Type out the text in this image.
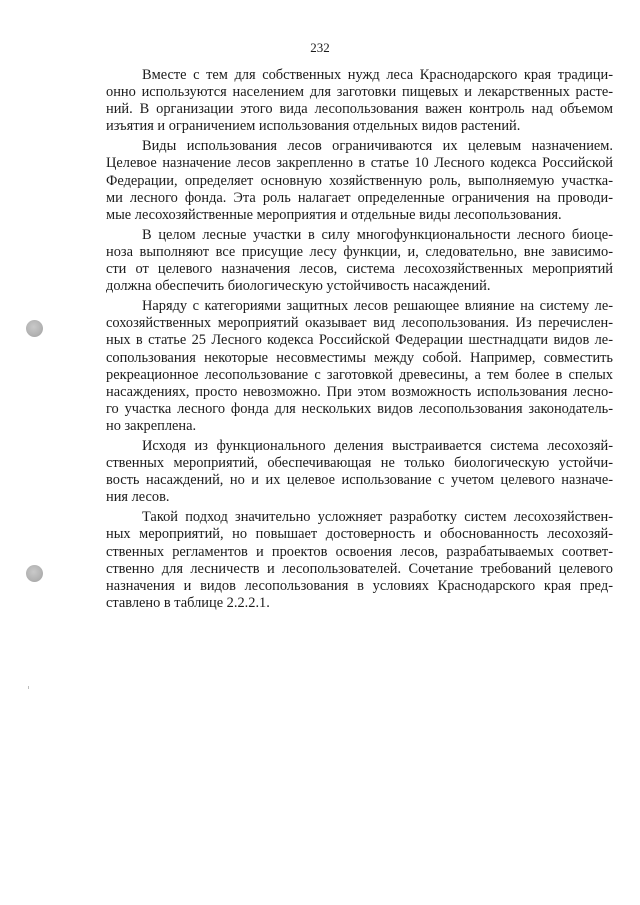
232
Вместе с тем для собственных нужд леса Краснодарского края традици-
онно используются населением для заготовки пищевых и лекарственных расте-
ний. В организации этого вида лесопользования важен контроль над объемом
изъятия и ограничением использования отдельных видов растений.
Виды использования лесов ограничиваются их целевым назначением.
Целевое назначение лесов закрепленно в статье 10 Лесного кодекса Российской
Федерации, определяет основную хозяйственную роль, выполняемую участка-
ми лесного фонда. Эта роль налагает определенные ограничения на проводи-
мые лесохозяйственные мероприятия и отдельные виды лесопользования.
В целом лесные участки в силу многофункциональности лесного биоце-
ноза выполняют все присущие лесу функции, и, следовательно, вне зависимо-
сти от целевого назначения лесов, система лесохозяйственных мероприятий
должна обеспечить биологическую устойчивость насаждений.
Наряду с категориями защитных лесов решающее влияние на систему ле-
сохозяйственных мероприятий оказывает вид лесопользования. Из перечислен-
ных в статье 25 Лесного кодекса Российской Федерации шестнадцати видов ле-
сопользования некоторые несовместимы между собой. Например, совместить
рекреационное лесопользование с заготовкой древесины, а тем более в спелых
насаждениях, просто невозможно. При этом возможность использования лесно-
го участка лесного фонда для нескольких видов лесопользования законодатель-
но закреплена.
Исходя из функционального деления выстраивается система лесохозяй-
ственных мероприятий, обеспечивающая не только биологическую устойчи-
вость насаждений, но и их целевое использование с учетом целевого назначе-
ния лесов.
Такой подход значительно усложняет разработку систем лесохозяйствен-
ных мероприятий, но повышает достоверность и обоснованность лесохозяй-
ственных регламентов и проектов освоения лесов, разрабатываемых соответ-
ственно для лесничеств и лесопользователей. Сочетание требований целевого
назначения и видов лесопользования в условиях Краснодарского края пред-
ставлено в таблице 2.2.2.1.
